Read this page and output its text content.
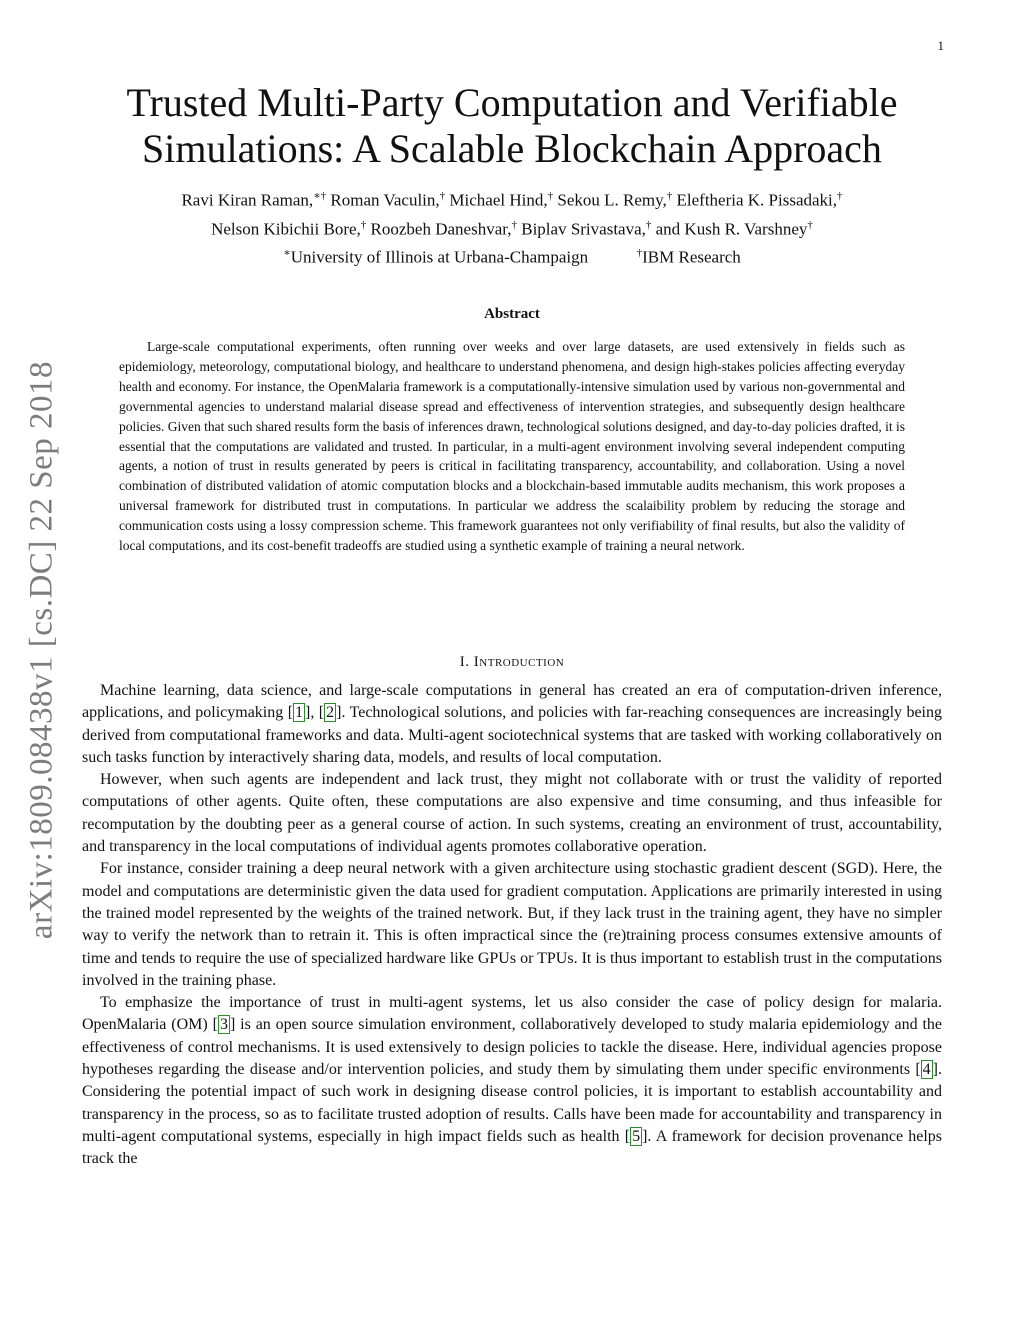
1
arXiv:1809.08438v1 [cs.DC] 22 Sep 2018
Trusted Multi-Party Computation and Verifiable
Simulations: A Scalable Blockchain Approach
Ravi Kiran Raman,∗† Roman Vaculin,† Michael Hind,† Sekou L. Remy,† Eleftheria K. Pissadaki,†
Nelson Kibichii Bore,† Roozbeh Daneshvar,† Biplav Srivastava,† and Kush R. Varshney†
∗University of Illinois at Urbana-Champaign	†IBM Research
Abstract

Large-scale computational experiments, often running over weeks and over large datasets, are used extensively in fields such as epidemiology, meteorology, computational biology, and healthcare to understand phenomena, and design high-stakes policies affecting everyday health and economy. For instance, the OpenMalaria framework is a computationally-intensive simulation used by various non-governmental and governmental agencies to understand malarial disease spread and effectiveness of intervention strategies, and subsequently design healthcare policies. Given that such shared results form the basis of inferences drawn, technological solutions designed, and day-to-day policies drafted, it is essential that the computations are validated and trusted. In particular, in a multi-agent environment involving several independent computing agents, a notion of trust in results generated by peers is critical in facilitating transparency, accountability, and collaboration. Using a novel combination of distributed validation of atomic computation blocks and a blockchain-based immutable audits mechanism, this work proposes a universal framework for distributed trust in computations. In particular we address the scalaibility problem by reducing the storage and communication costs using a lossy compression scheme. This framework guarantees not only verifiability of final results, but also the validity of local computations, and its cost-benefit tradeoffs are studied using a synthetic example of training a neural network.

I. Introduction

Machine learning, data science, and large-scale computations in general has created an era of computation-driven inference, applications, and policymaking [ 1 ], [ 2 ]. Technological solutions, and policies with far-reaching consequences are increasingly being derived from computational frameworks and data. Multi-agent sociotechnical systems that are tasked with working collaboratively on such tasks function by interactively sharing data, models, and results of local computation.

However, when such agents are independent and lack trust, they might not collaborate with or trust the validity of reported computations of other agents. Quite often, these computations are also expensive and time consuming, and thus infeasible for recomputation by the doubting peer as a general course of action. In such systems, creating an environment of trust, accountability, and transparency in the local computations of individual agents promotes collaborative operation.

For instance, consider training a deep neural network with a given architecture using stochastic gradient descent (SGD). Here, the model and computations are deterministic given the data used for gradient computation. Applications are primarily interested in using the trained model represented by the weights of the trained network. But, if they lack trust in the training agent, they have no simpler way to verify the network than to retrain it. This is often impractical since the (re)training process consumes extensive amounts of time and tends to require the use of specialized hardware like GPUs or TPUs. It is thus important to establish trust in the computations involved in the training phase.

To emphasize the importance of trust in multi-agent systems, let us also consider the case of policy design for malaria. OpenMalaria (OM) [ 3 ] is an open source simulation environment, collaboratively developed to study malaria epidemiology and the effectiveness of control mechanisms. It is used extensively to design policies to tackle the disease. Here, individual agencies propose hypotheses regarding the disease and/or intervention policies, and study them by simulating them under specific environments [ 4 ]. Considering the potential impact of such work in designing disease control policies, it is important to establish accountability and transparency in the process, so as to facilitate trusted adoption of results. Calls have been made for accountability and transparency in multi-agent computational systems, especially in high impact fields such as health [ 5 ]. A framework for decision provenance helps track the
